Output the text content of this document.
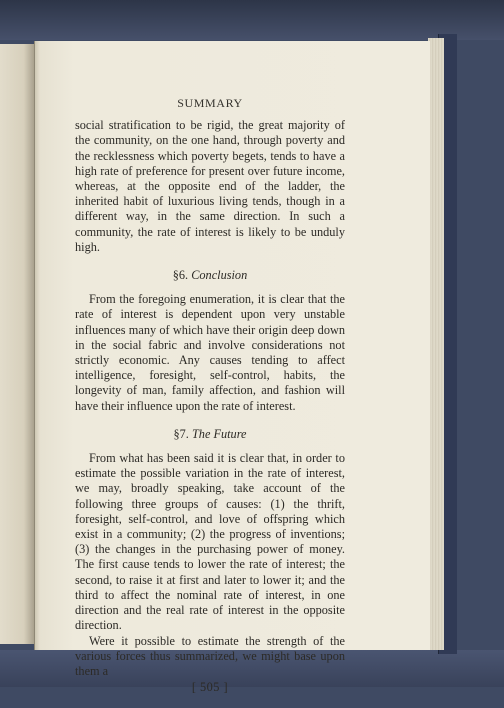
SUMMARY

social stratification to be rigid, the great majority of the community, on the one hand, through poverty and the recklessness which poverty begets, tends to have a high rate of preference for present over future income, whereas, at the opposite end of the ladder, the inherited habit of luxurious living tends, though in a different way, in the same direction. In such a community, the rate of interest is likely to be unduly high.

§6. Conclusion

From the foregoing enumeration, it is clear that the rate of interest is dependent upon very unstable influences many of which have their origin deep down in the social fabric and involve considerations not strictly economic. Any causes tending to affect intelligence, foresight, self-control, habits, the longevity of man, family affection, and fashion will have their influence upon the rate of interest.

§7. The Future

From what has been said it is clear that, in order to estimate the possible variation in the rate of interest, we may, broadly speaking, take account of the following three groups of causes: (1) the thrift, foresight, self-control, and love of offspring which exist in a community; (2) the progress of inventions; (3) the changes in the purchasing power of money. The first cause tends to lower the rate of interest; the second, to raise it at first and later to lower it; and the third to affect the nominal rate of interest, in one direction and the real rate of interest in the opposite direction.

Were it possible to estimate the strength of the various forces thus summarized, we might base upon them a

[ 505 ]
